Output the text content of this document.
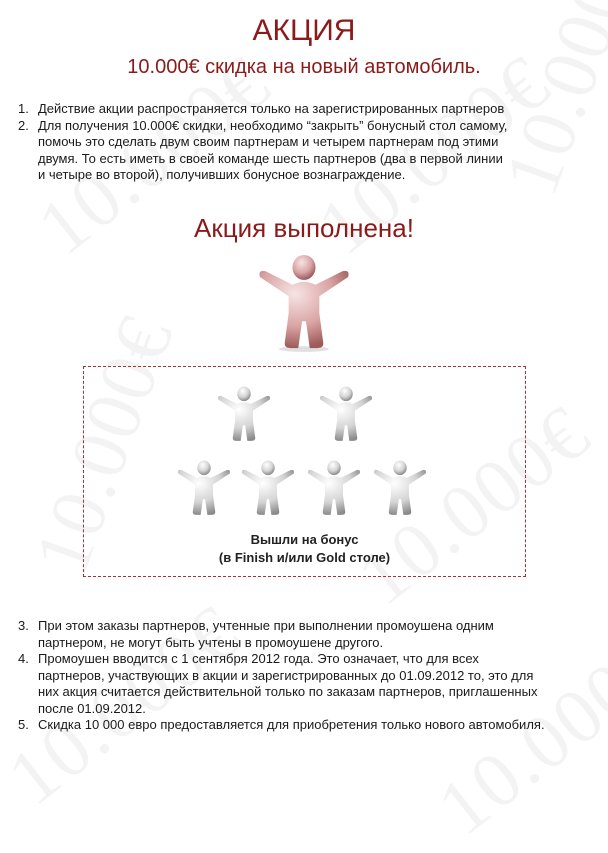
АКЦИЯ
10.000€ скидка на новый автомобиль.
1. Действие акции распространяется только на зарегистрированных партнеров
2. Для получения 10.000€ скидки, необходимо “закрыть” бонусный стол самому,
помочь это сделать двум своим партнерам и четырем партнерам под этими
двумя. То есть иметь в своей команде шесть партнеров (два в первой линии
и четыре во второй), получивших бонусное вознаграждение.
Акция выполнена!
Вышли на бонус
(в Finish и/или Gold столе)
3. При этом заказы партнеров, учтенные при выполнении промоушена одним
партнером, не могут быть учтены в промоушене другого.
4. Промоушен вводится с 1 сентября 2012 года. Это означает, что для всех
партнеров, участвующих в акции и зарегистрированных до 01.09.2012 то, это для
них акция считается действительной только по заказам партнеров, приглашенных
после 01.09.2012.
5. Скидка 10 000 евро предоставляется для приобретения только нового автомобиля.
